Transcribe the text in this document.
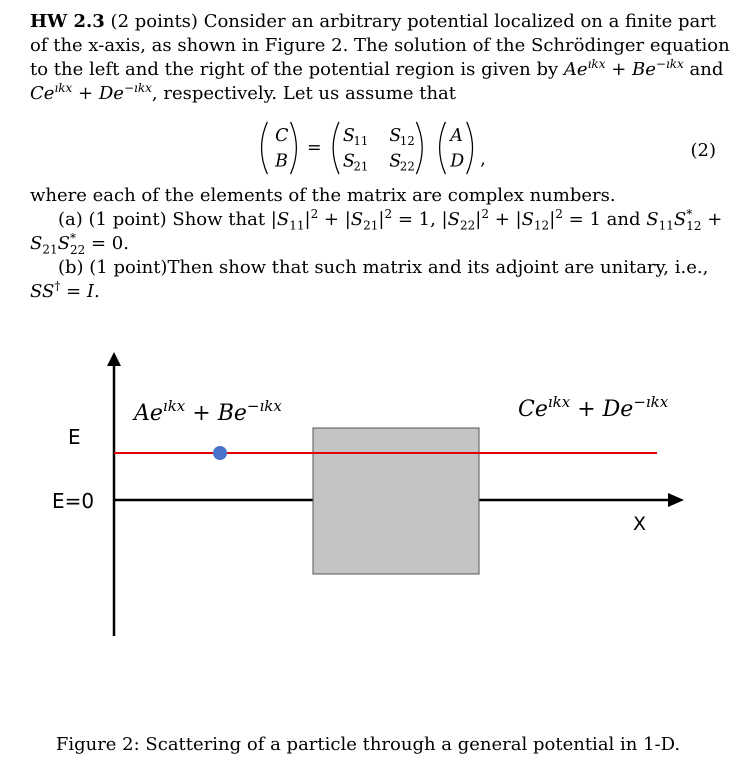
HW 2.3 (2 points) Consider an arbitrary potential localized on a finite part
of the x-axis, as shown in Figure 2. The solution of the Schrödinger equation
to the left and the right of the potential region is given by $Ae^{ıkx} + Be^{-ıkx}$ and
$Ce^{ıkx} + De^{-ıkx}$, respectively. Let us assume that
C
B
=
S
11 S
12
S
21 S
22
A
D ,	(2)
where each of the elements of the matrix are complex numbers.
(a) (1 point) Show that $|S_{11}|^2 + |S_{21}|^2 = 1$, $|S_{22}|^2 + |S_{12}|^2 = 1$ and $S_{11}S^*_{12}$ +
$S_{21}S^*_{22} = 0$.
(b) (1 point)Then show that such matrix and its adjoint are unitary, i.e.,
SS† = I.
E
E=0
X
$Ae^{ıkx} + Be^{-ıkx}$	$Ce^{ıkx} + De^{-ıkx}$
Figure 2: Scattering of a particle through a general potential in 1-D.
